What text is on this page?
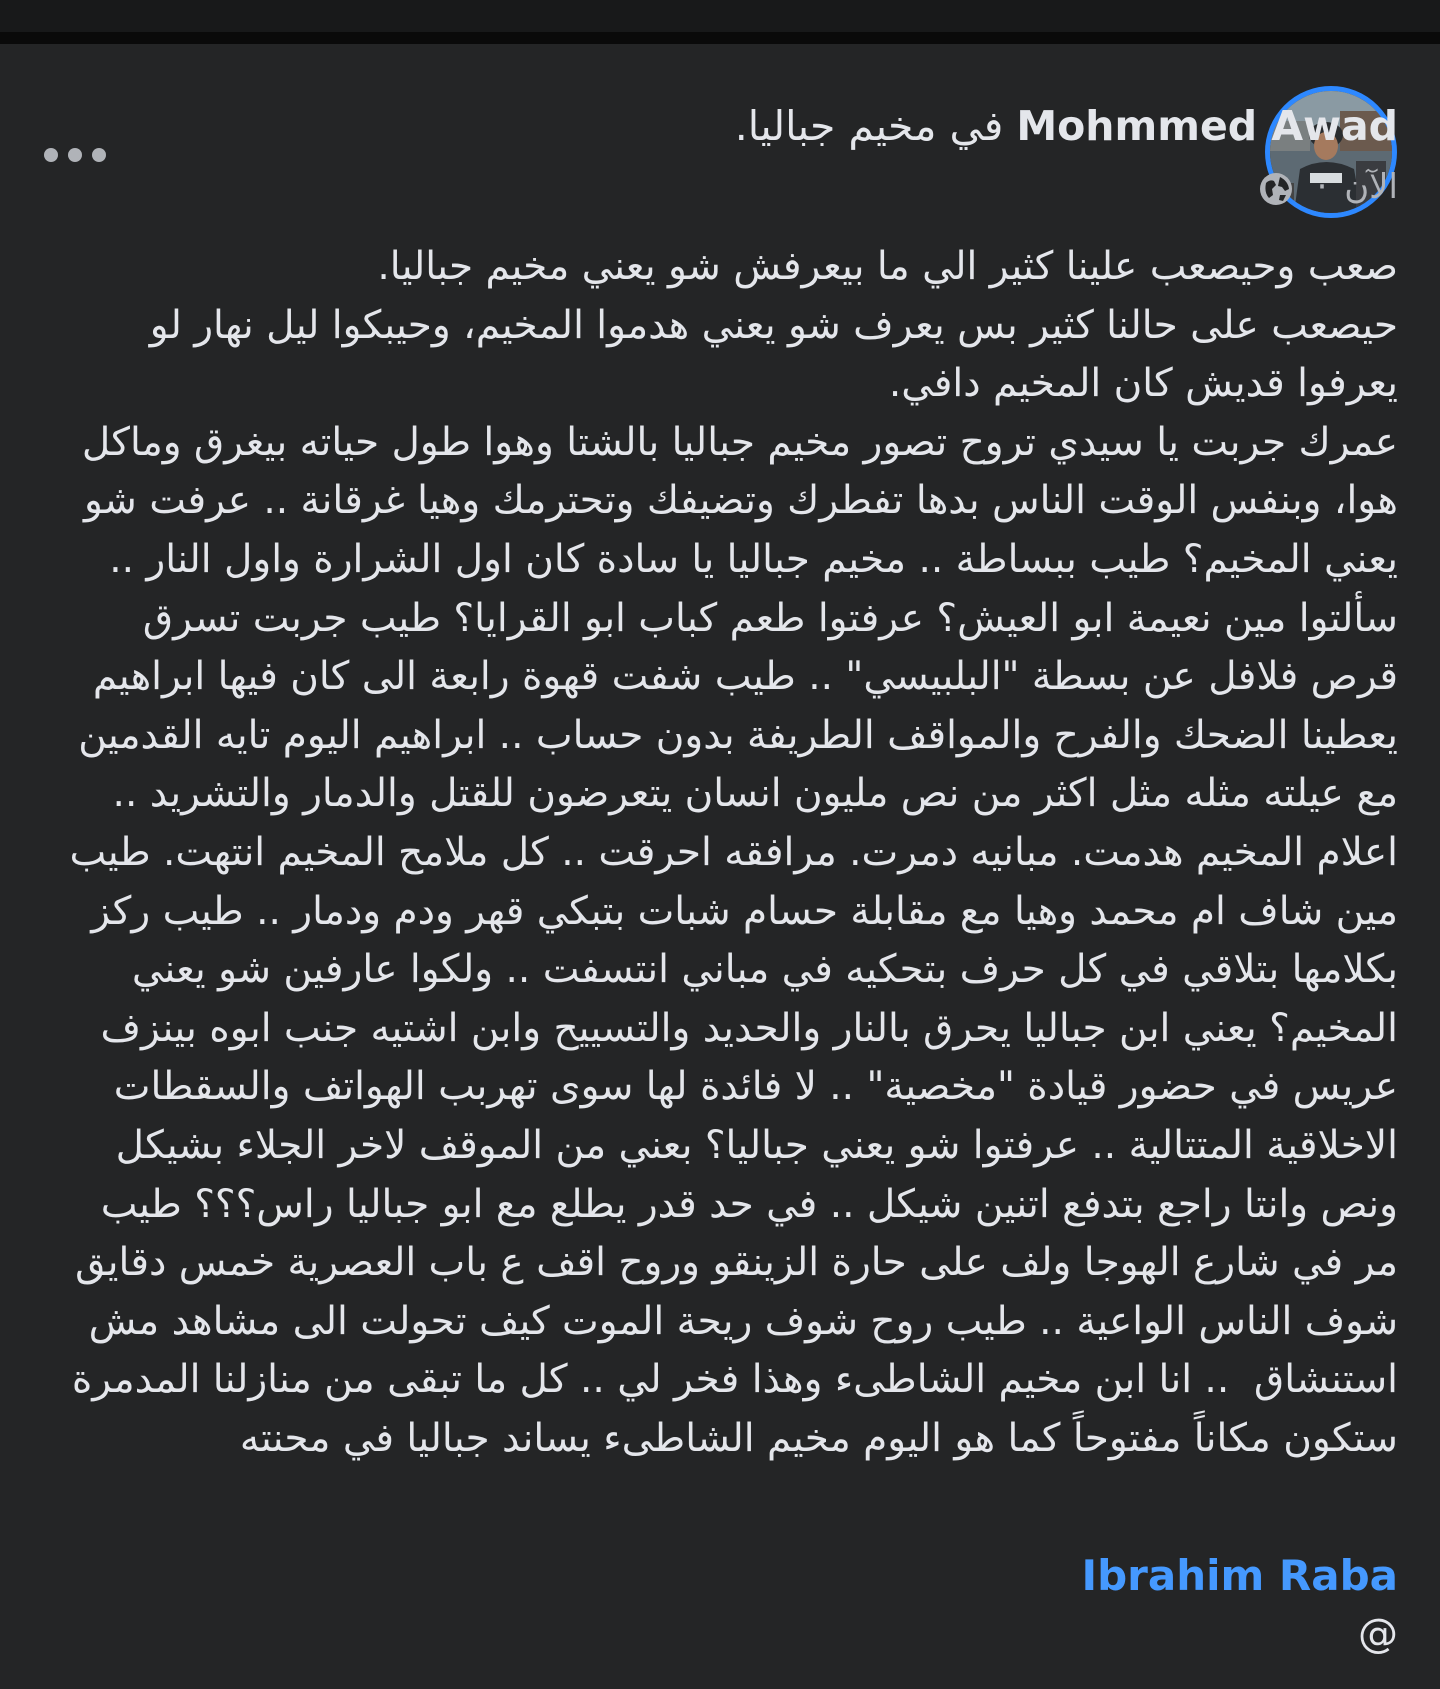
Mohmmed Awad في مخيم جباليا.
الآن ·
صعب وحيصعب علينا كثير الي ما بيعرفش شو يعني مخيم جباليا.
حيصعب على حالنا كثير بس يعرف شو يعني هدموا المخيم، وحيبكوا ليل نهار لو يعرفوا قديش كان المخيم دافي.
عمرك جربت يا سيدي تروح تصور مخيم جباليا بالشتا وهوا طول حياته بيغرق وماكل هوا، وبنفس الوقت الناس بدها تفطرك وتضيفك وتحترمك وهيا غرقانة .. عرفت شو يعني المخيم؟ طيب ببساطة .. مخيم جباليا يا سادة كان اول الشرارة واول النار .. سألتوا مين نعيمة ابو العيش؟ عرفتوا طعم كباب ابو القرايا؟ طيب جربت تسرق قرص فلافل عن بسطة "البلبيسي" .. طيب شفت قهوة رابعة الى كان فيها ابراهيم يعطينا الضحك والفرح والمواقف الطريفة بدون حساب .. ابراهيم اليوم تايه القدمين مع عيلته مثله مثل اكثر من نص مليون انسان يتعرضون للقتل والدمار والتشريد .. اعلام المخيم هدمت. مبانيه دمرت. مرافقه احرقت .. كل ملامح المخيم انتهت. طيب مين شاف ام محمد وهيا مع مقابلة حسام شبات بتبكي قهر ودم ودمار .. طيب ركز بكلامها بتلاقي في كل حرف بتحكيه في مباني انتسفت .. ولكوا عارفين شو يعني المخيم؟ يعني ابن جباليا يحرق بالنار والحديد والتسييح وابن اشتيه جنب ابوه بينزف عريس في حضور قيادة "مخصية" .. لا فائدة لها سوى تهربب الهواتف والسقطات الاخلاقية المتتالية .. عرفتوا شو يعني جباليا؟ بعني من الموقف لاخر الجلاء بشيكل ونص وانتا راجع بتدفع اتنين شيكل .. في حد قدر يطلع مع ابو جباليا راس؟؟؟ طيب مر في شارع الهوجا ولف على حارة الزينقو وروح اقف ع باب العصرية خمس دقايق شوف الناس الواعية .. طيب روح شوف ريحة الموت كيف تحولت الى مشاهد مش استنشاق  .. انا ابن مخيم الشاطىء وهذا فخر لي .. كل ما تبقى من منازلنا المدمرة ستكون مكاناً مفتوحاً كما هو اليوم مخيم الشاطىء يساند جباليا في محنته
Ibrahim Raba
@
